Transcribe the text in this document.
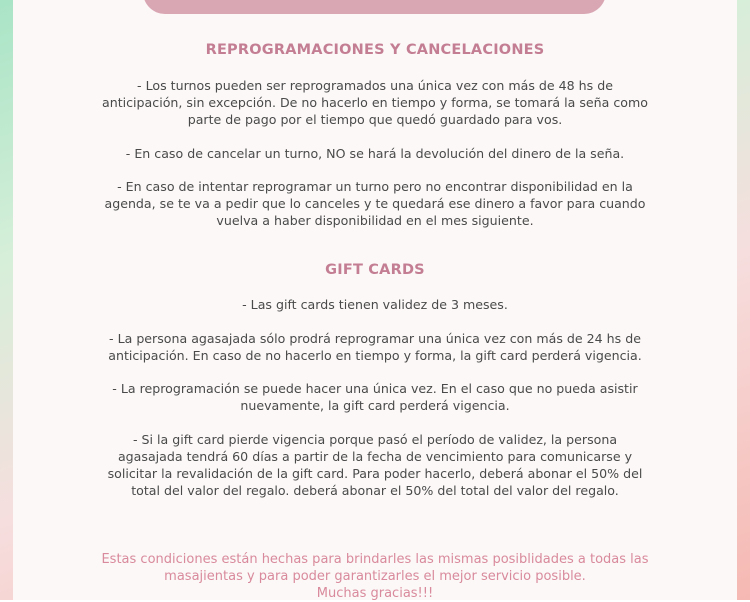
REPROGRAMACIONES Y CANCELACIONES
- Los turnos pueden ser reprogramados una única vez con más de 48 hs de anticipación, sin excepción. De no hacerlo en tiempo y forma, se tomará la seña como parte de pago por el tiempo que quedó guardado para vos.
- En caso de cancelar un turno, NO se hará la devolución del dinero de la seña.
- En caso de intentar reprogramar un turno pero no encontrar disponibilidad en la agenda, se te va a pedir que lo canceles y te quedará ese dinero a favor para cuando vuelva a haber disponibilidad en el mes siguiente.
GIFT CARDS
- Las gift cards tienen validez de 3 meses.
- La persona agasajada sólo prodrá reprogramar una única vez con más de 24 hs de anticipación. En caso de no hacerlo en tiempo y forma, la gift card perderá vigencia.
- La reprogramación se puede hacer una única vez. En el caso que no pueda asistir nuevamente, la gift card perderá vigencia.
- Si la gift card pierde vigencia porque pasó el período de validez, la persona agasajada tendrá 60 días a partir de la fecha de vencimiento para comunicarse y solicitar la revalidación de la gift card. Para poder hacerlo, deberá abonar el 50% del total del valor del regalo. deberá abonar el 50% del total del valor del regalo.
Estas condiciones están hechas para brindarles las mismas posiblidades a todas las masajientas y para poder garantizarles el mejor servicio posible.
Muchas gracias!!!
